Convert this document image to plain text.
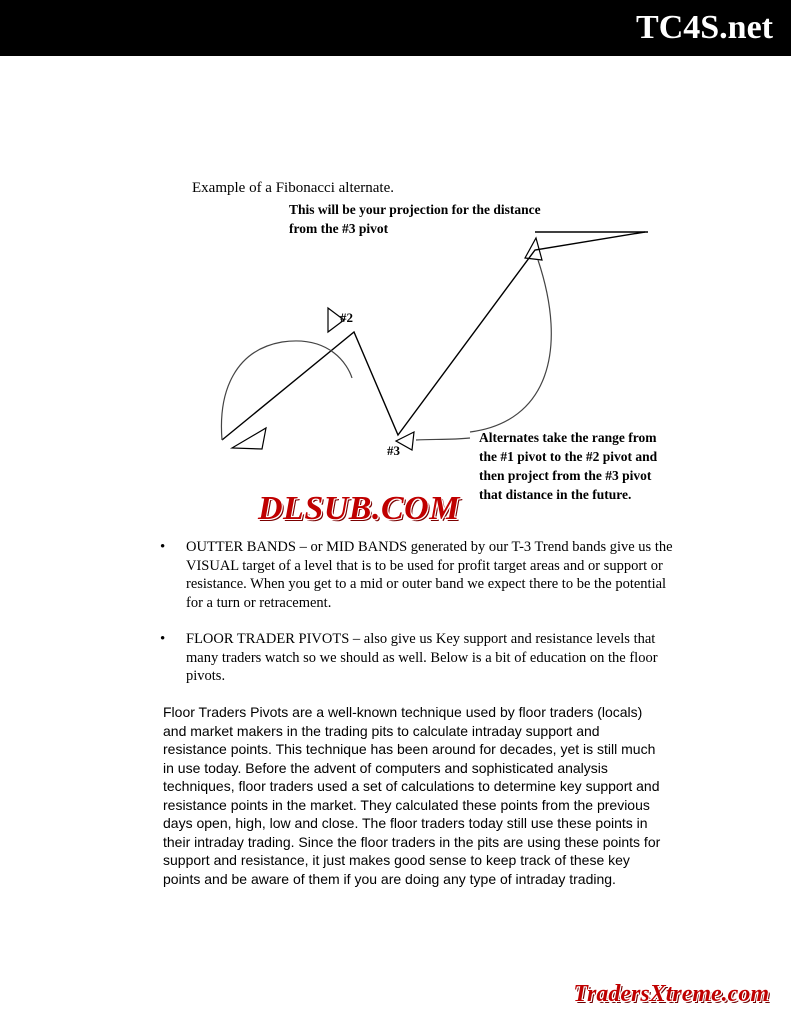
TC4S.net
Example of a Fibonacci alternate.
This will be your projection for the distance from the #3 pivot
Alternates take the range from the #1 pivot to the #2 pivot and then project from the #3 pivot that distance in the future.
#2
#3
DLSUB.COM
• OUTTER BANDS – or MID BANDS generated by our T-3 Trend bands give us the VISUAL target of a level that is to be used for profit target areas and or support or resistance. When you get to a mid or outer band we expect there to be the potential for a turn or retracement.
• FLOOR TRADER PIVOTS – also give us Key support and resistance levels that many traders watch so we should as well. Below is a bit of education on the floor pivots.
Floor Traders Pivots are a well-known technique used by floor traders (locals) and market makers in the trading pits to calculate intraday support and resistance points. This technique has been around for decades, yet is still much in use today. Before the advent of computers and sophisticated analysis techniques, floor traders used a set of calculations to determine key support and resistance points in the market. They calculated these points from the previous days open, high, low and close. The floor traders today still use these points in their intraday trading. Since the floor traders in the pits are using these points for support and resistance, it just makes good sense to keep track of these key points and be aware of them if you are doing any type of intraday trading.
TradersXtreme.com
